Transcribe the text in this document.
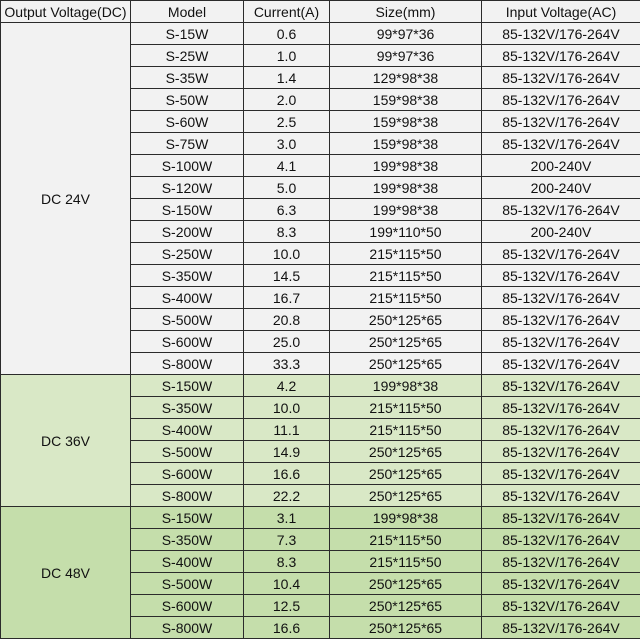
Output Voltage(DC)	Model	Current(A)	Size(mm)	Input Voltage(AC)
DC 24V	S-15W	0.6	99*97*36	85-132V/176-264V
	S-25W	1.0	99*97*36	85-132V/176-264V
	S-35W	1.4	129*98*38	85-132V/176-264V
	S-50W	2.0	159*98*38	85-132V/176-264V
	S-60W	2.5	159*98*38	85-132V/176-264V
	S-75W	3.0	159*98*38	85-132V/176-264V
	S-100W	4.1	199*98*38	200-240V
	S-120W	5.0	199*98*38	200-240V
	S-150W	6.3	199*98*38	85-132V/176-264V
	S-200W	8.3	199*110*50	200-240V
	S-250W	10.0	215*115*50	85-132V/176-264V
	S-350W	14.5	215*115*50	85-132V/176-264V
	S-400W	16.7	215*115*50	85-132V/176-264V
	S-500W	20.8	250*125*65	85-132V/176-264V
	S-600W	25.0	250*125*65	85-132V/176-264V
	S-800W	33.3	250*125*65	85-132V/176-264V
DC 36V	S-150W	4.2	199*98*38	85-132V/176-264V
	S-350W	10.0	215*115*50	85-132V/176-264V
	S-400W	11.1	215*115*50	85-132V/176-264V
	S-500W	14.9	250*125*65	85-132V/176-264V
	S-600W	16.6	250*125*65	85-132V/176-264V
	S-800W	22.2	250*125*65	85-132V/176-264V
DC 48V	S-150W	3.1	199*98*38	85-132V/176-264V
	S-350W	7.3	215*115*50	85-132V/176-264V
	S-400W	8.3	215*115*50	85-132V/176-264V
	S-500W	10.4	250*125*65	85-132V/176-264V
	S-600W	12.5	250*125*65	85-132V/176-264V
	S-800W	16.6	250*125*65	85-132V/176-264V
